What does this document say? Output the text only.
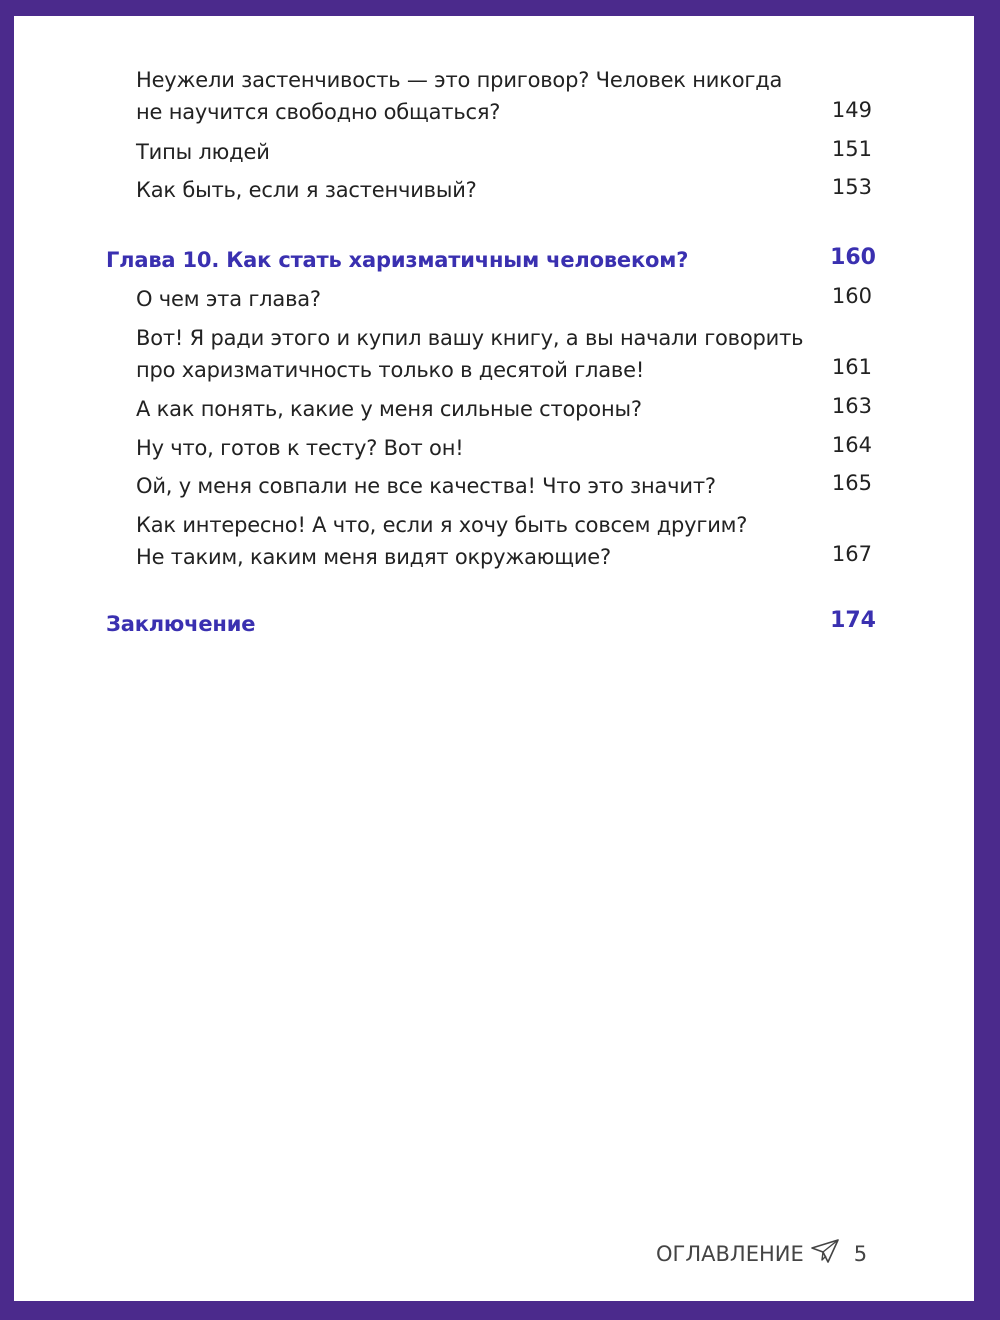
Неужели застенчивость — это приговор? Человек никогда
не научится свободно общаться?	149
Типы людей	151
Как быть, если я застенчивый?	153
Глава 10. Как стать харизматичным человеком?	160
О чем эта глава?	160
Вот! Я ради этого и купил вашу книгу, а вы начали говорить
про харизматичность только в десятой главе!	161
А как понять, какие у меня сильные стороны?	163
Ну что, готов к тесту? Вот он!	164
Ой, у меня совпали не все качества! Что это значит?	165
Как интересно! А что, если я хочу быть совсем другим?
Не таким, каким меня видят окружающие?	167
Заключение	174
ОГЛАВЛЕНИЕ 5
